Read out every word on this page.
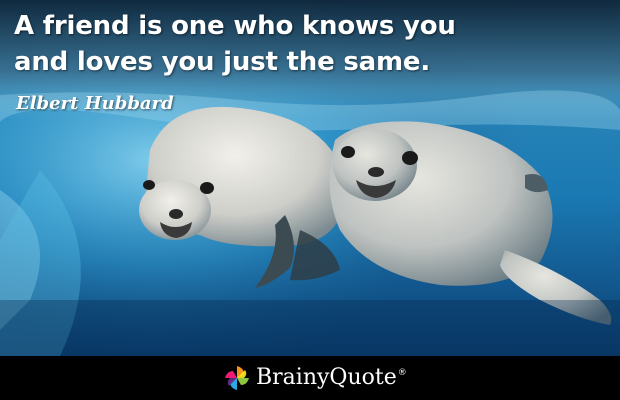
A friend is one who knows you
and loves you just the same.
Elbert Hubbard
BrainyQuote ®
